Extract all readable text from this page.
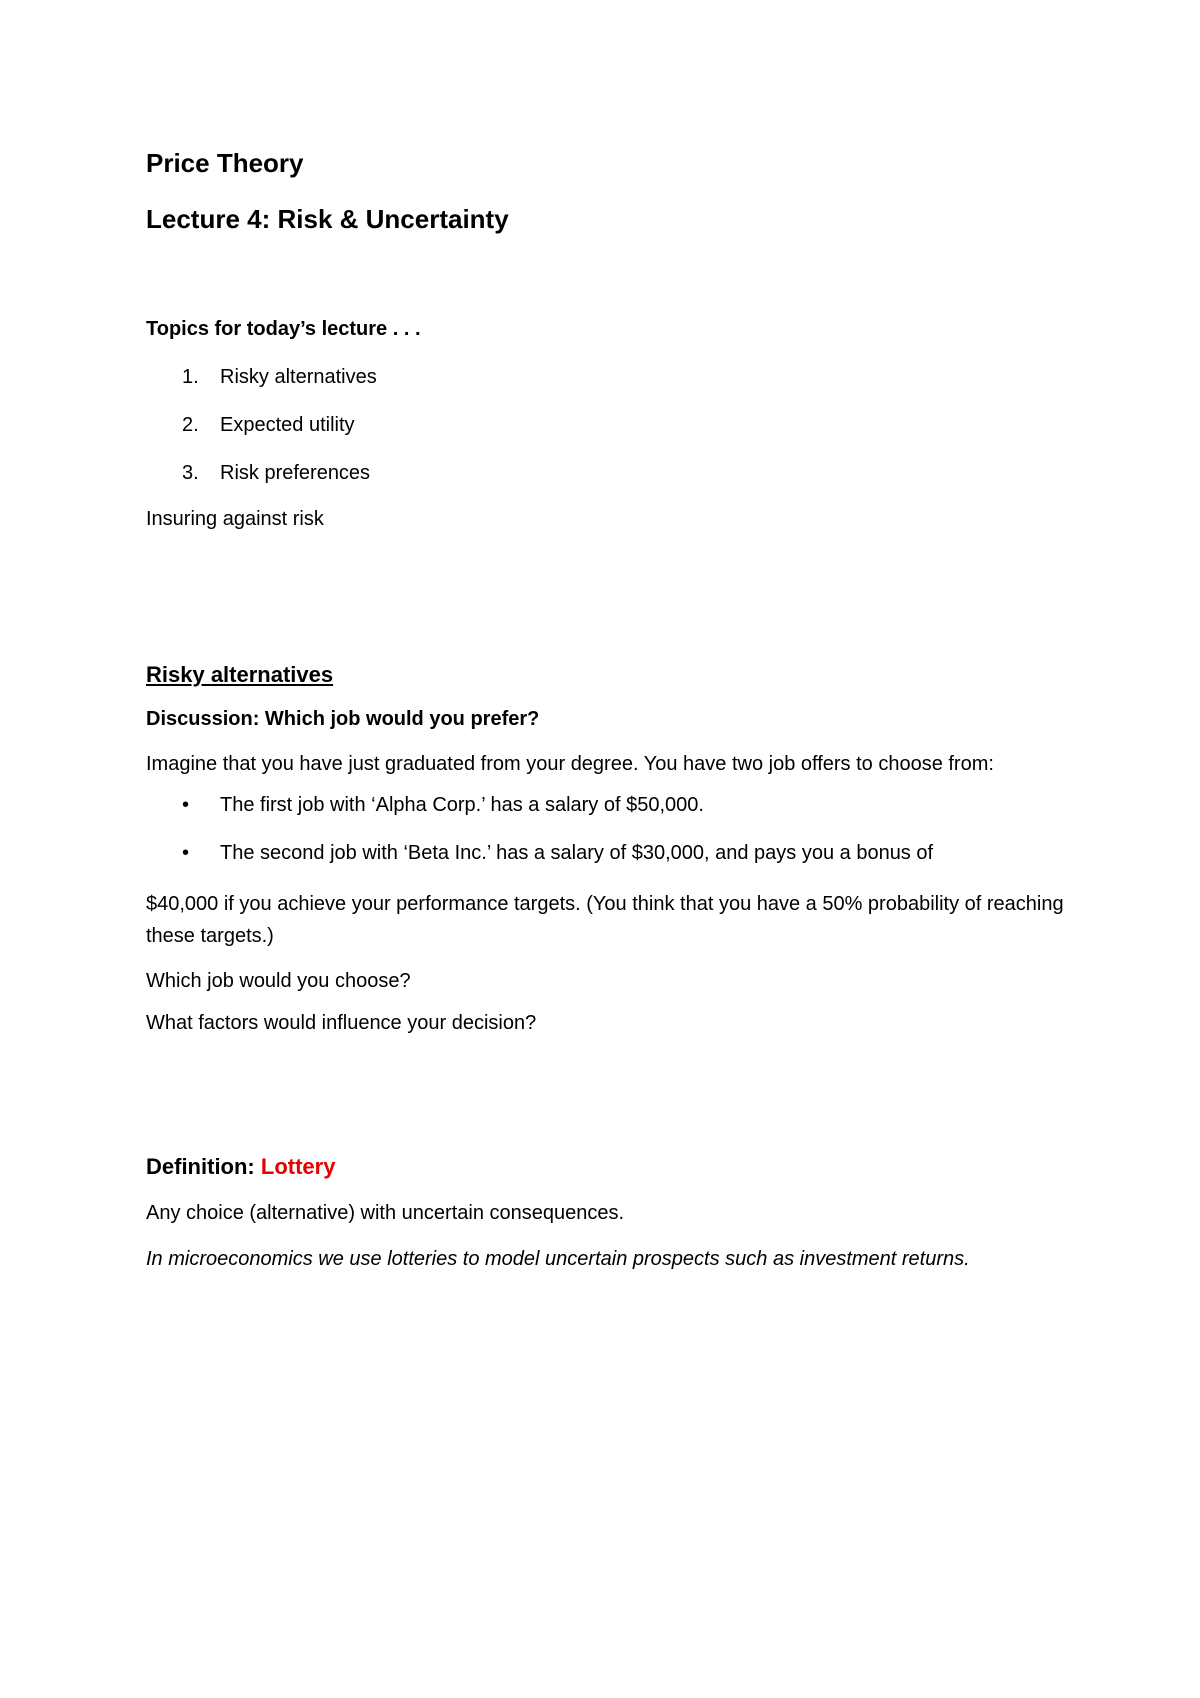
Price Theory

Lecture 4: Risk & Uncertainty

Topics for today’s lecture . . .

1.	Risky alternatives
2.	Expected utility
3.	Risk preferences

Insuring against risk

Risky alternatives

Discussion: Which job would you prefer?

Imagine that you have just graduated from your degree. You have two job offers to choose from:

•	The first job with ‘Alpha Corp.’ has a salary of $50,000.
•	The second job with ‘Beta Inc.’ has a salary of $30,000, and pays you a bonus of

$40,000 if you achieve your performance targets. (You think that you have a 50% probability of reaching these targets.)

Which job would you choose?

What factors would influence your decision?

Definition: Lottery

Any choice (alternative) with uncertain consequences.

In microeconomics we use lotteries to model uncertain prospects such as investment returns.
